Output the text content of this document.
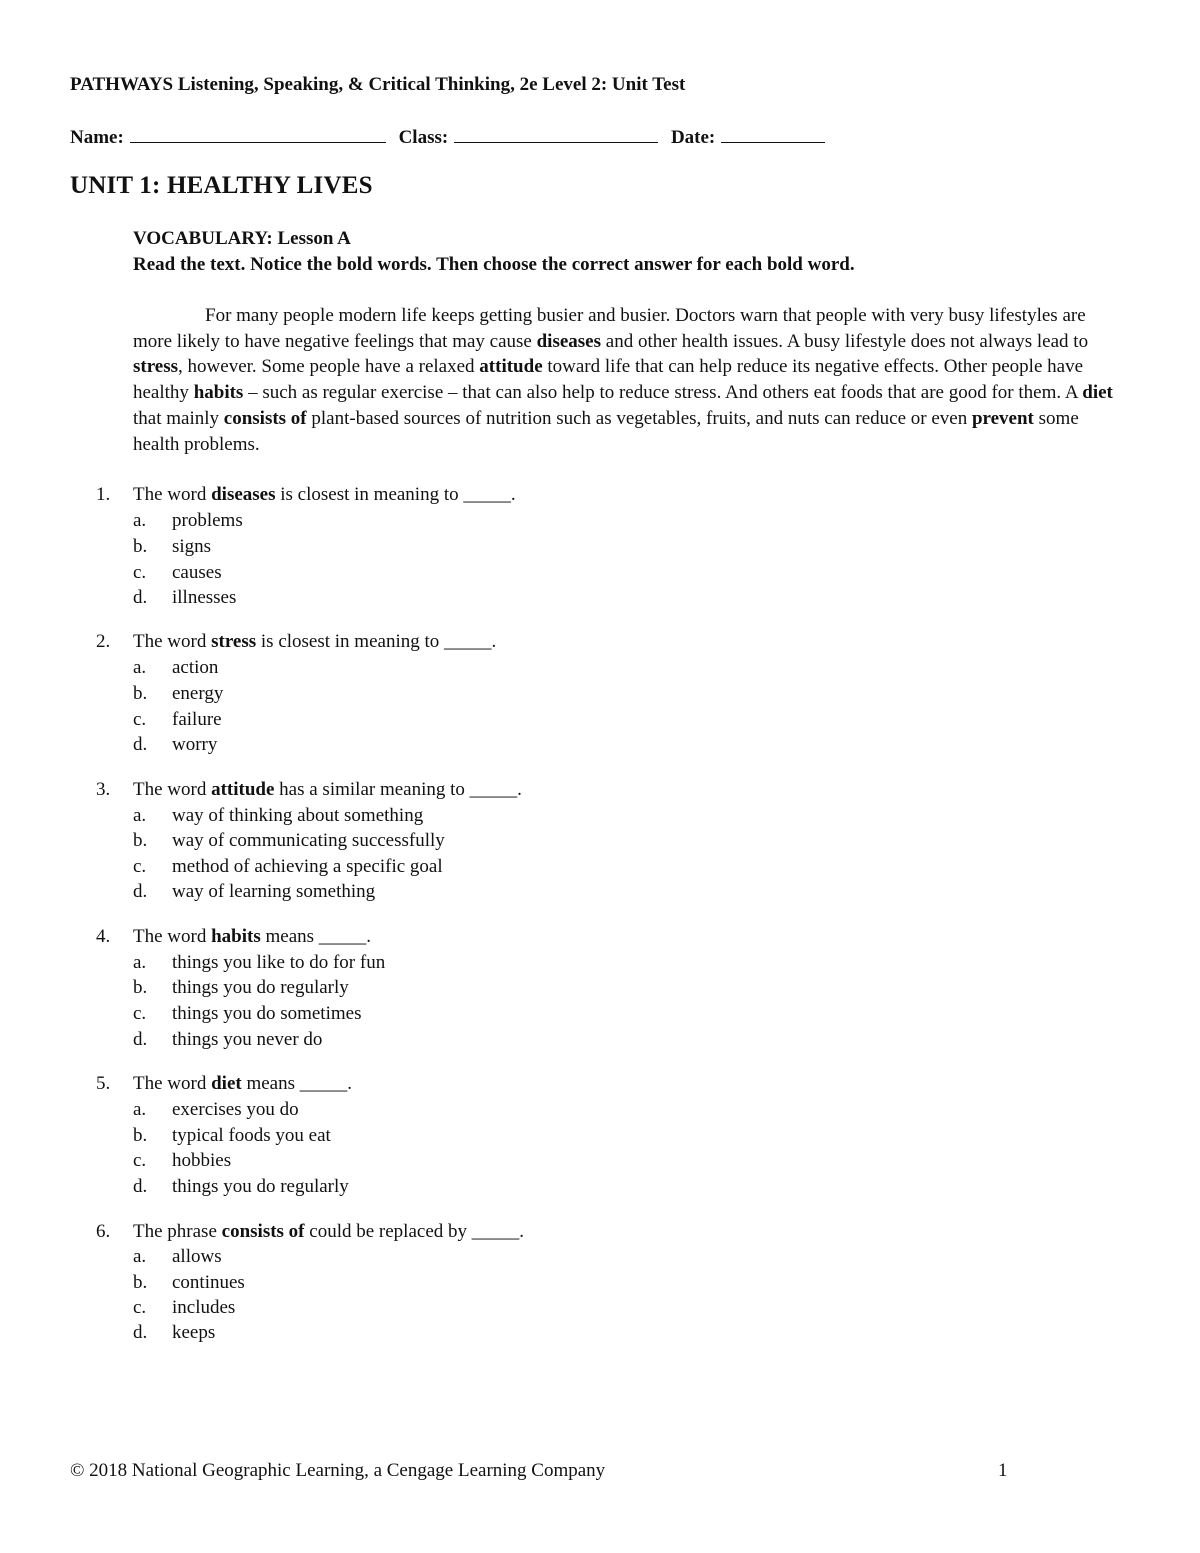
PATHWAYS Listening, Speaking, & Critical Thinking, 2e Level 2: Unit Test
Name:	Class:	Date:
UNIT 1: HEALTHY LIVES
VOCABULARY: Lesson A
Read the text. Notice the bold words. Then choose the correct answer for each bold word.
For many people modern life keeps getting busier and busier. Doctors warn that people with very busy lifestyles are more likely to have negative feelings that may cause diseases and other health issues. A busy lifestyle does not always lead to stress, however. Some people have a relaxed attitude toward life that can help reduce its negative effects. Other people have healthy habits – such as regular exercise – that can also help to reduce stress. And others eat foods that are good for them. A diet that mainly consists of plant-based sources of nutrition such as vegetables, fruits, and nuts can reduce or even prevent some health problems.
1. The word diseases is closest in meaning to _____.
a. problems
b. signs
c. causes
d. illnesses
2. The word stress is closest in meaning to _____.
a. action
b. energy
c. failure
d. worry
3. The word attitude has a similar meaning to _____.
a. way of thinking about something
b. way of communicating successfully
c. method of achieving a specific goal
d. way of learning something
4. The word habits means _____.
a. things you like to do for fun
b. things you do regularly
c. things you do sometimes
d. things you never do
5. The word diet means _____.
a. exercises you do
b. typical foods you eat
c. hobbies
d. things you do regularly
6. The phrase consists of could be replaced by _____.
a. allows
b. continues
c. includes
d. keeps
© 2018 National Geographic Learning, a Cengage Learning Company	1
